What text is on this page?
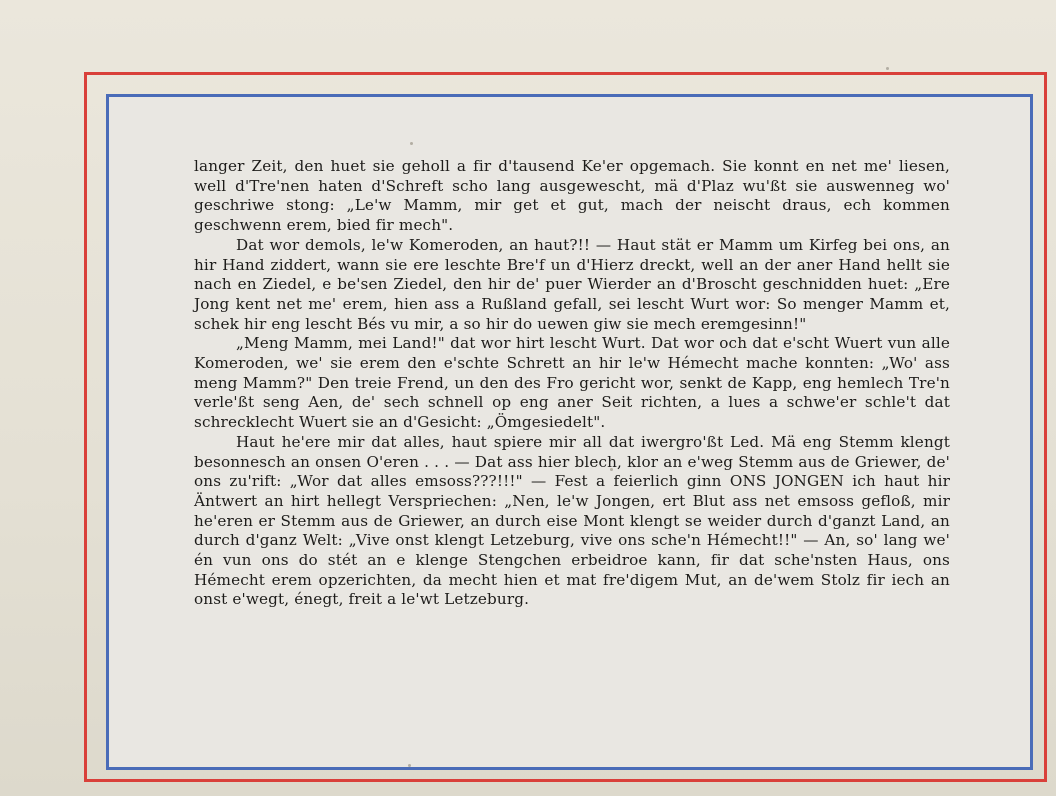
langer Zeit, den huet sie geholl a fir d'tausend Ke'er opgemach. Sie konnt en net me' liesen, well d'Tre'nen haten d'Schreft scho lang ausgewescht, mä d'Plaz wu'ßt sie auswenneg wo' geschriwe stong: „Le'w Mamm, mir get et gut, mach der neischt draus, ech kommen geschwenn erem, bied fir mech".

Dat wor demols, le'w Komeroden, an haut?!! — Haut stät er Mamm um Kirfeg bei ons, an hir Hand ziddert, wann sie ere leschte Bre'f un d'Hierz dreckt, well an der aner Hand hellt sie nach en Ziedel, e be'sen Ziedel, den hir de' puer Wierder an d'Broscht geschnidden huet: „Ere Jong kent net me' erem, hien ass a Rußland gefall, sei lescht Wurt wor: So menger Mamm et, schek hir eng lescht Bés vu mir, a so hir do uewen giw sie mech eremgesinn!"

„Meng Mamm, mei Land!" dat wor hirt lescht Wurt. Dat wor och dat e'scht Wuert vun alle Komeroden, we' sie erem den e'schte Schrett an hir le'w Hémecht mache konnten: „Wo' ass meng Mamm?" Den treie Frend, un den des Fro gericht wor, senkt de Kapp, eng hemlech Tre'n verle'ßt seng Aen, de' sech schnell op eng aner Seit richten, a lues a schwe'er schle't dat schrecklecht Wuert sie an d'Gesicht: „Ömgesiedelt".

Haut he'ere mir dat alles, haut spiere mir all dat iwergro'ßt Led. Mä eng Stemm klengt besonnesch an onsen O'eren . . . — Dat ass hier blech, klor an e'weg Stemm aus de Griewer, de' ons zu'rift: „Wor dat alles emsoss???!!!" — Fest a feierlich ginn ONS JONGEN ich haut hir Äntwert an hirt hellegt Verspriechen: „Nen, le'w Jongen, ert Blut ass net emsoss gefloß, mir he'eren er Stemm aus de Griewer, an durch eise Mont klengt se weider durch d'ganzt Land, an durch d'ganz Welt: „Vive onst klengt Letzeburg, vive ons sche'n Hémecht!!" — An, so' lang we' én vun ons do stét an e klenge Stengchen erbeidroe kann, fir dat sche'nsten Haus, ons Hémecht erem opzerichten, da mecht hien et mat fre'digem Mut, an de'wem Stolz fir iech an onst e'wegt, énegt, freit a le'wt Letzeburg.
